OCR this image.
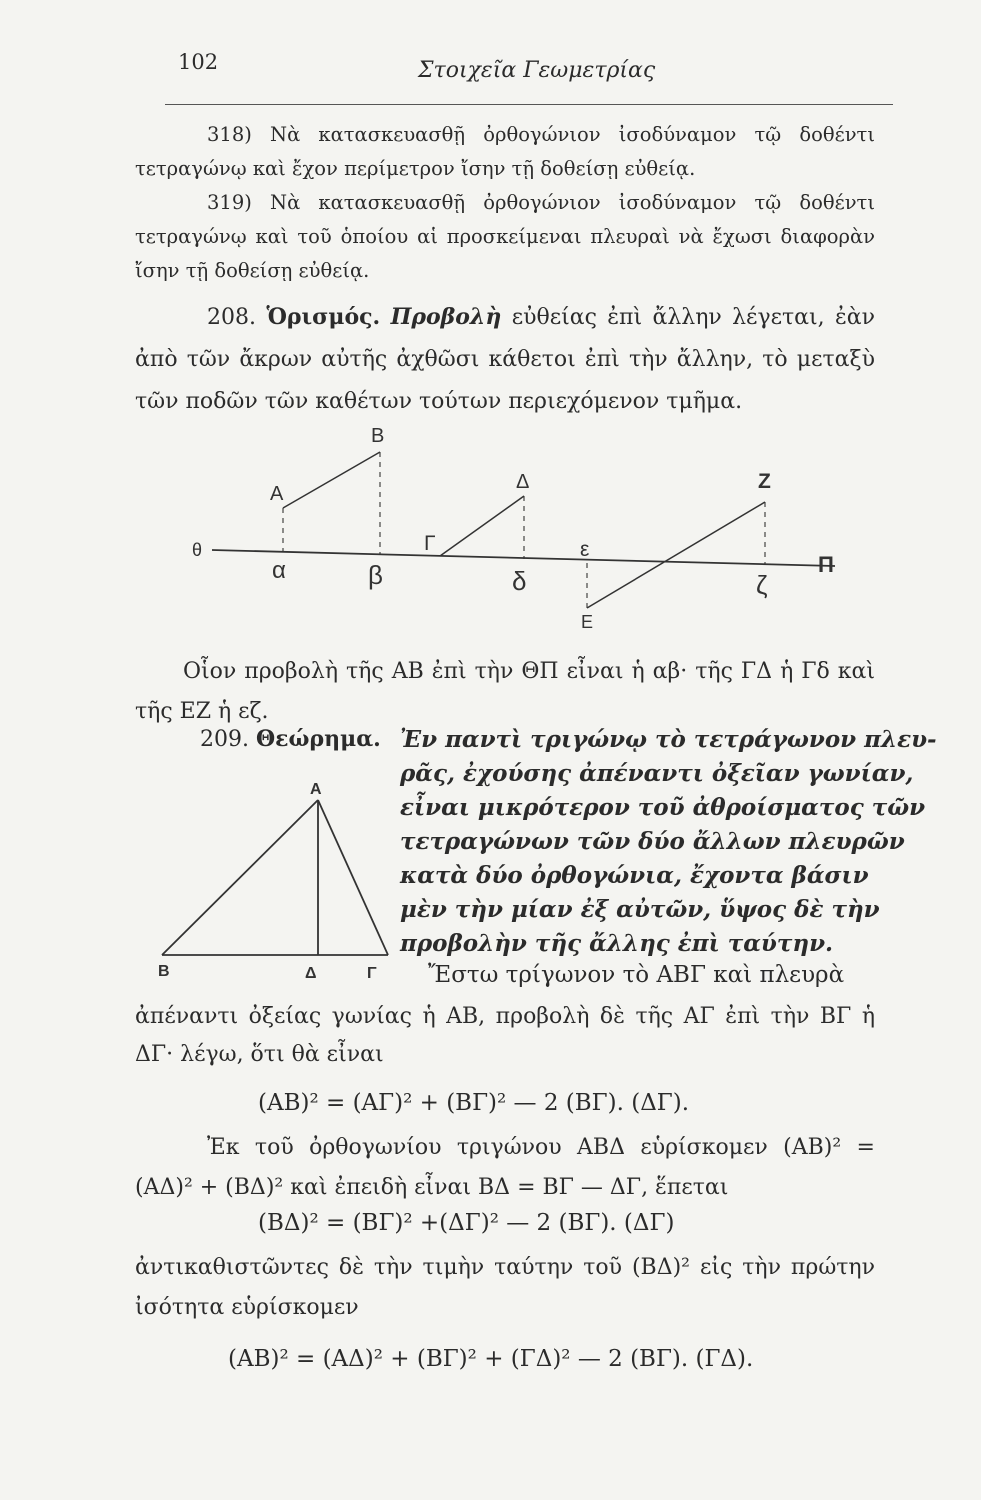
102	Στοιχεῖα Γεωμετρίας
318) Νὰ κατασκευασθῇ ὀρθογώνιον ἰσοδύναμον τῷ δοθέντι τετραγώνῳ καὶ ἔχον περίμετρον ἴσην τῇ δοθείσῃ εὐθείᾳ.
319) Νὰ κατασκευασθῇ ὀρθογώνιον ἰσοδύναμον τῷ δοθέντι τετραγώνῳ καὶ τοῦ ὁποίου αἱ προσκείμεναι πλευραὶ νὰ ἔχωσι διαφορὰν ἴσην τῇ δοθείσῃ εὐθείᾳ.
208. Ὁρισμός. Προβολὴ εὐθείας ἐπὶ ἄλλην λέγεται, ἐὰν ἀπὸ τῶν ἄκρων αὐτῆς ἀχθῶσι κάθετοι ἐπὶ τὴν ἄλλην, τὸ μεταξὺ τῶν ποδῶν τῶν καθέτων τούτων περιεχόμενον τμῆμα.
Β
Α
Δ	Ζ
Γ	ε
θ
Π
α	β	δ	ζ
Ε
Οἷον προβολὴ τῆς ΑΒ ἐπὶ τὴν ΘΠ εἶναι ἡ αβ· τῆς ΓΔ ἡ Γδ καὶ τῆς ΕΖ ἡ εζ.
209. Θεώρημα. Ἐν παντὶ τριγώνῳ τὸ τετράγωνον πλευ-
ρᾶς, ἐχούσης ἀπέναντι ὀξεῖαν γωνίαν,
εἶναι μικρότερον τοῦ ἀθροίσματος τῶν
τετραγώνων τῶν δύο ἄλλων πλευρῶν
κατὰ δύο ὀρθογώνια, ἔχοντα βάσιν
μὲν τὴν μίαν ἐξ αὐτῶν, ὕψος δὲ τὴν
προβολὴν τῆς ἄλλης ἐπὶ ταύτην.
Α
Β	Δ	Γ Ἔστω τρίγωνον τὸ ΑΒΓ καὶ πλευρὰ
ἀπέναντι ὀξείας γωνίας ἡ ΑΒ, προβολὴ δὲ τῆς ΑΓ ἐπὶ τὴν ΒΓ ἡ ΔΓ· λέγω, ὅτι θὰ εἶναι
(ΑΒ)² = (ΑΓ)² + (ΒΓ)² — 2 (ΒΓ). (ΔΓ).
Ἐκ τοῦ ὀρθογωνίου τριγώνου ΑΒΔ εὑρίσκομεν (ΑΒ)² = (ΑΔ)² + (ΒΔ)² καὶ ἐπειδὴ εἶναι ΒΔ = ΒΓ — ΔΓ, ἕπεται
(ΒΔ)² = (ΒΓ)² +(ΔΓ)² — 2 (ΒΓ). (ΔΓ)
ἀντικαθιστῶντες δὲ τὴν τιμὴν ταύτην τοῦ (ΒΔ)² εἰς τὴν πρώτην ἰσότητα εὑρίσκομεν
(ΑΒ)² = (ΑΔ)² + (ΒΓ)² + (ΓΔ)² — 2 (ΒΓ). (ΓΔ).
